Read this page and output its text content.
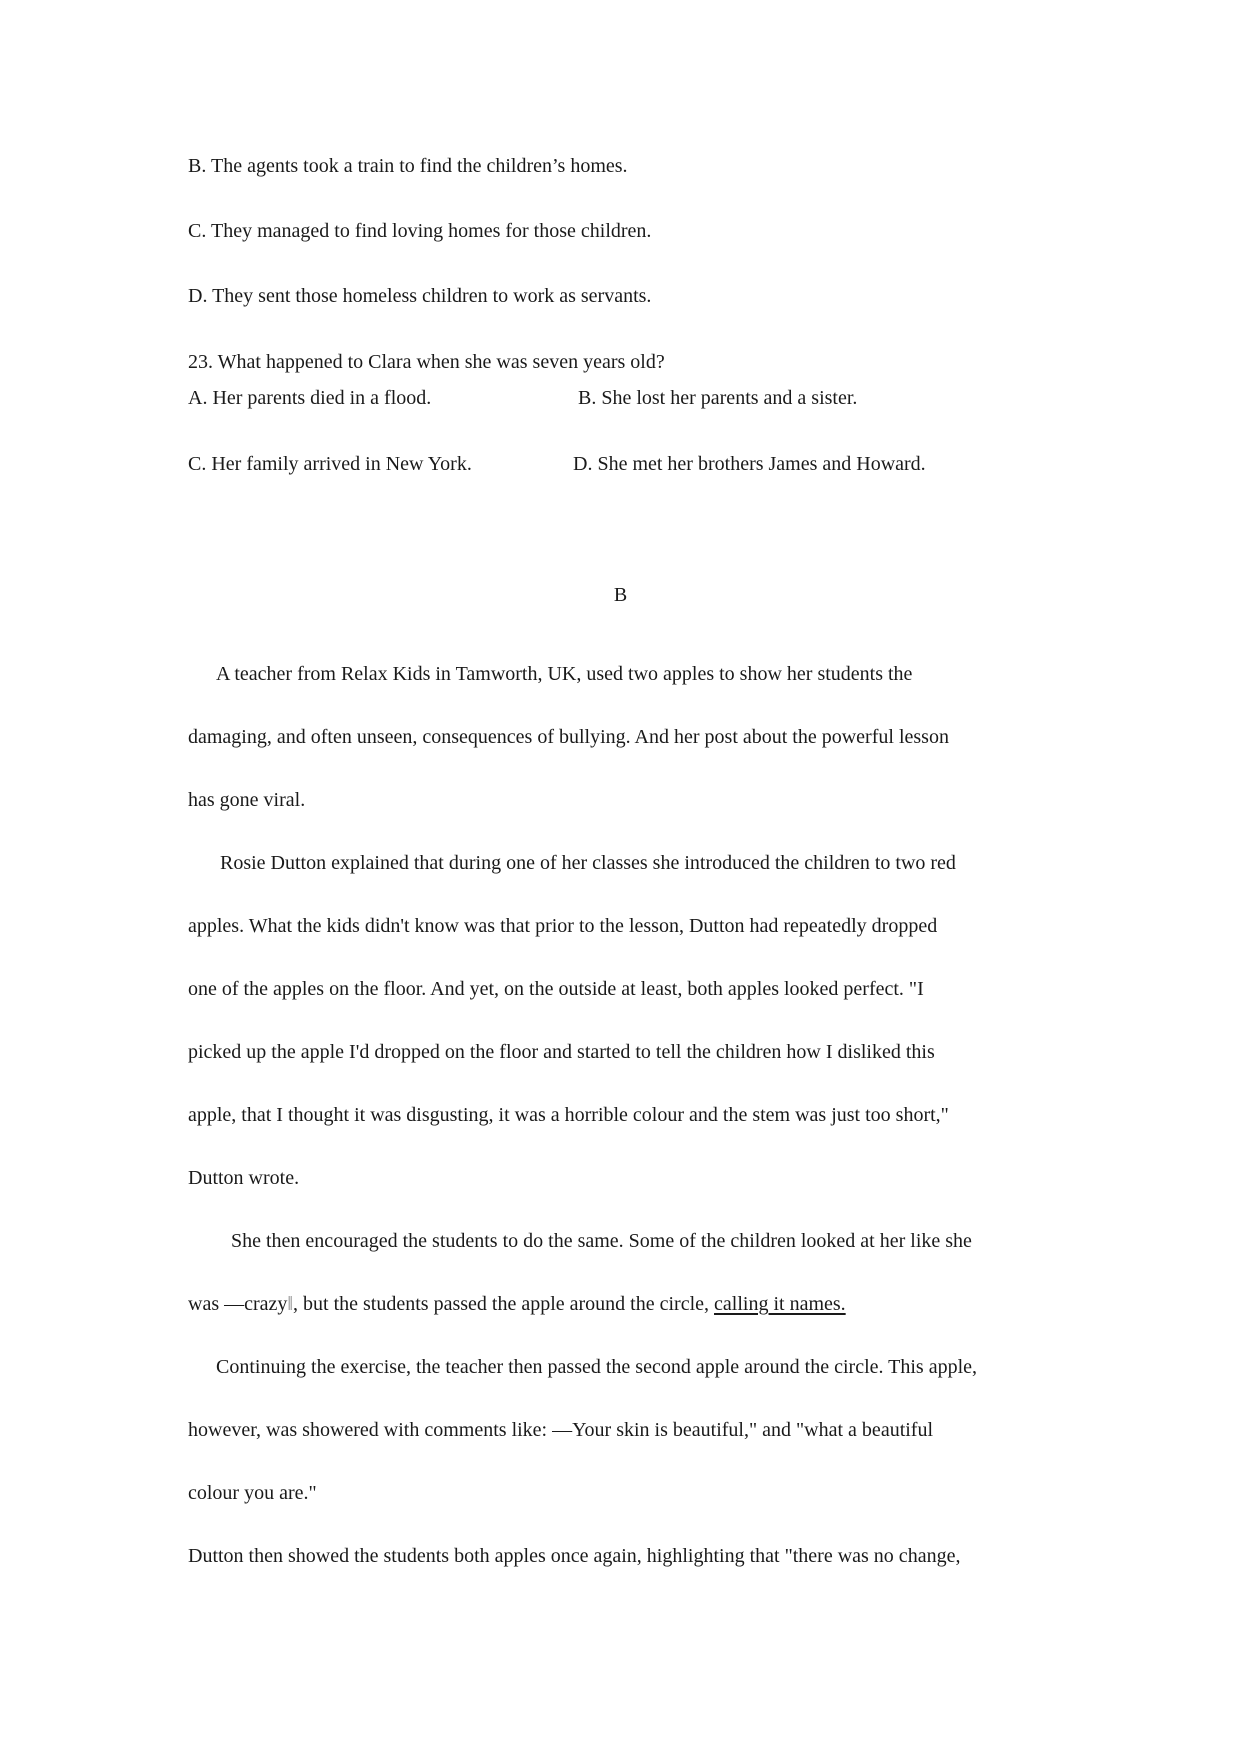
B. The agents took a train to find the children’s homes.
C. They managed to find loving homes for those children.
D. They sent those homeless children to work as servants.
23. What happened to Clara when she was seven years old?
A. Her parents died in a flood.	B. She lost her parents and a sister.
C. Her family arrived in New York.	D. She met her brothers James and Howard.
B
A teacher from Relax Kids in Tamworth, UK, used two apples to show her students the
damaging, and often unseen, consequences of bullying. And her post about the powerful lesson
has gone viral.
Rosie Dutton explained that during one of her classes she introduced the children to two red
apples. What the kids didn't know was that prior to the lesson, Dutton had repeatedly dropped
one of the apples on the floor. And yet, on the outside at least, both apples looked perfect. "I
picked up the apple I'd dropped on the floor and started to tell the children how I disliked this
apple, that I thought it was disgusting, it was a horrible colour and the stem was just too short,"
Dutton wrote.
She then encouraged the students to do the same. Some of the children looked at her like she
was ―crazy‖, but the students passed the apple around the circle, calling it names.
Continuing the exercise, the teacher then passed the second apple around the circle. This apple,
however, was showered with comments like: ―Your skin is beautiful," and "what a beautiful
colour you are."
Dutton then showed the students both apples once again, highlighting that "there was no change,
